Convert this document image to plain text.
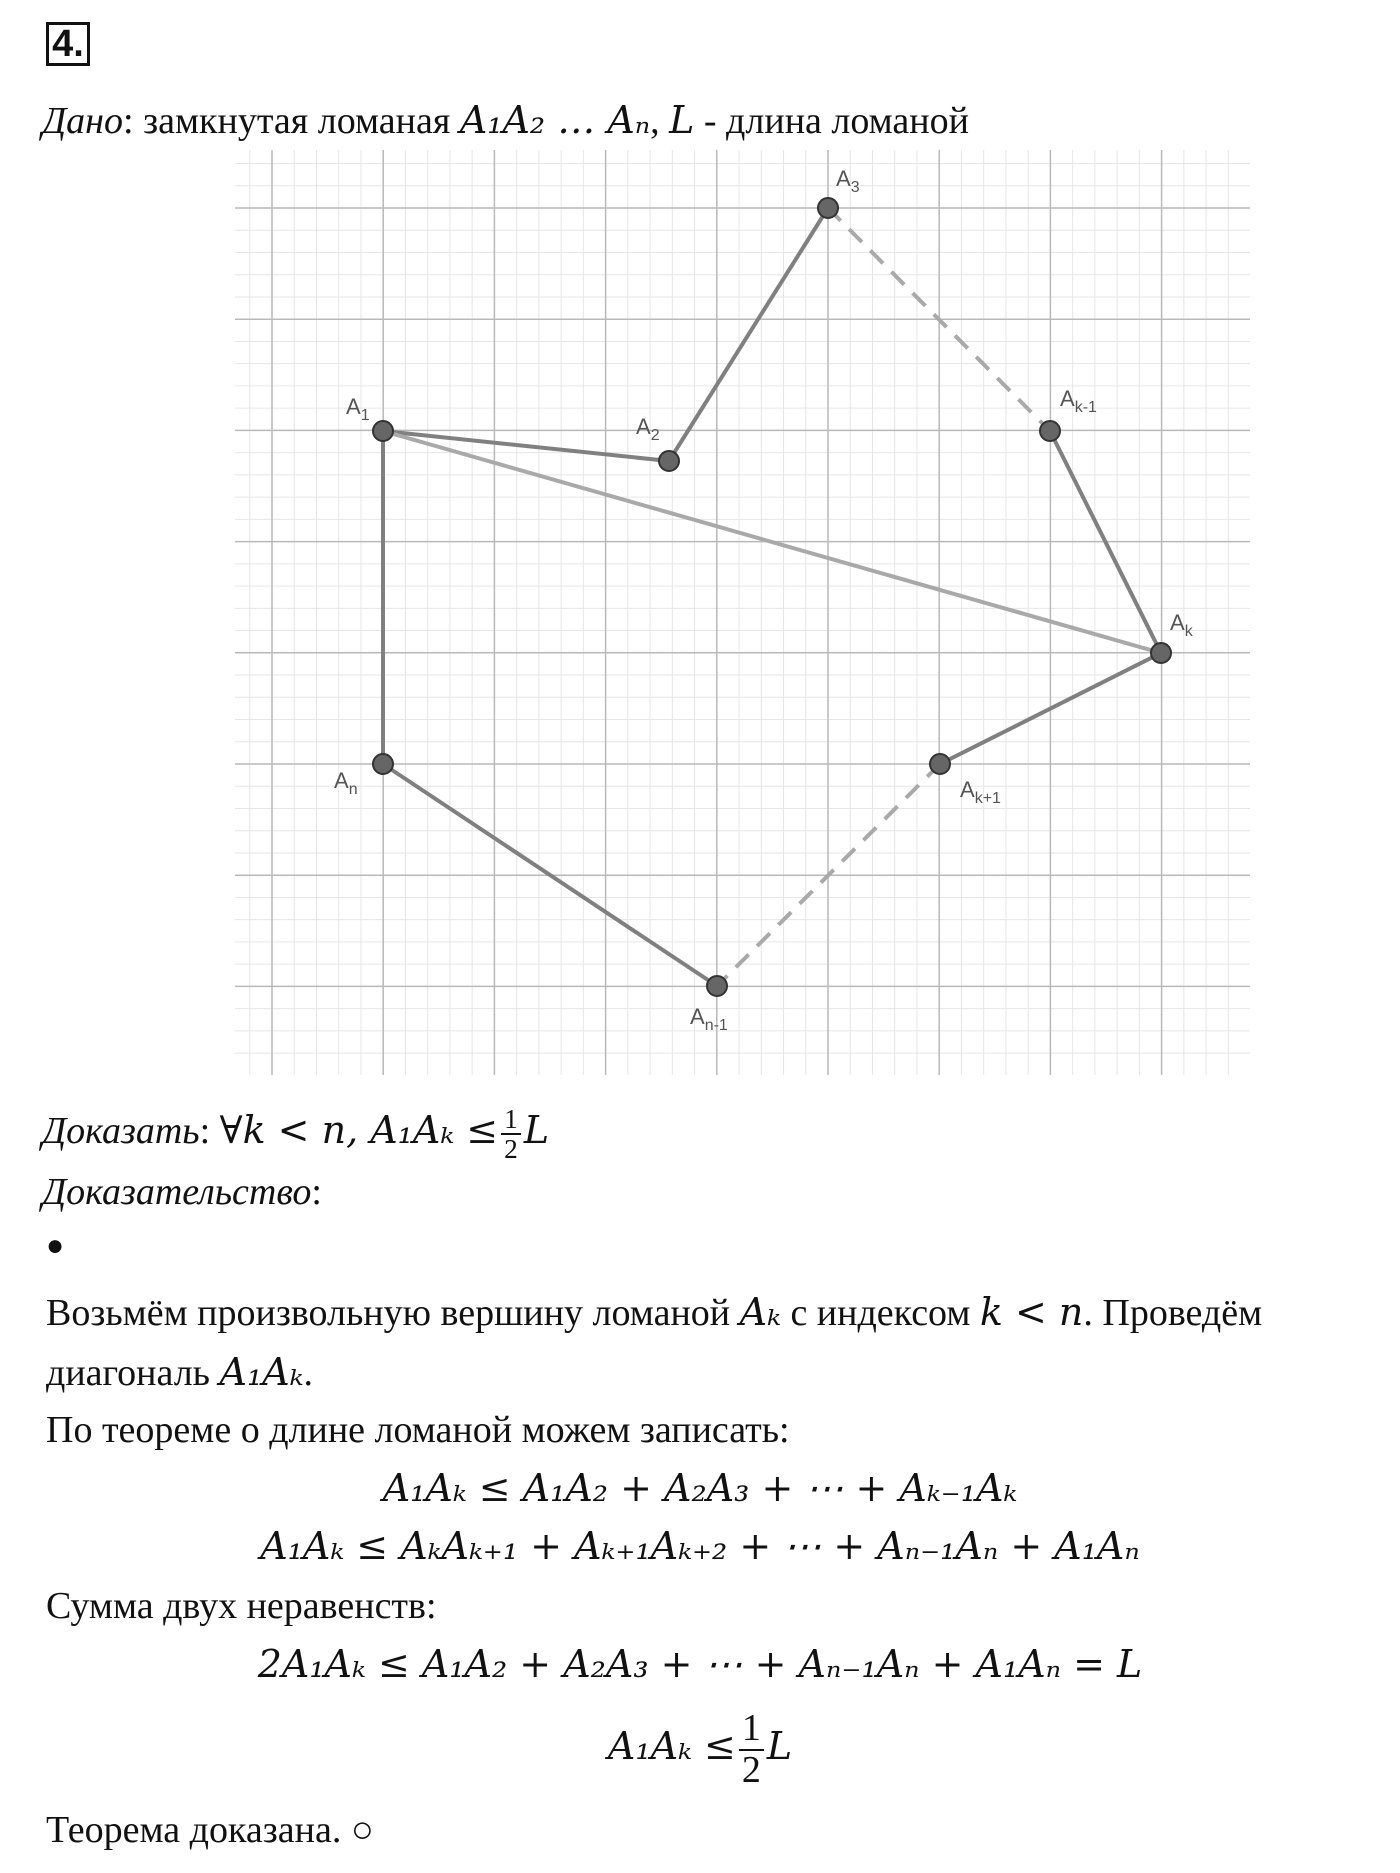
4.
Дано: замкнутая ломаная A₁A₂ … Aₙ, L - длина ломаной
$A_1$	$A_2$
$A_3$
$A_{k-1}$
$A_k$
$A_{k+1}$
$A_n$
$A_{n-1}$
Доказать: ∀k < n, $A_1A_k \le \frac{1}{2}$ L
Доказательство:
●
Возьмём произвольную вершину ломаной Aₖ с индексом k < n. Проведём
диагональ A₁Aₖ.
По теореме о длине ломаной можем записать:
A₁Aₖ ≤ A₁A₂ + A₂A₃ + ⋯ + Aₖ₋₁Aₖ
A₁Aₖ ≤ AₖAₖ₊₁ + Aₖ₊₁Aₖ₊₂ + ⋯ + Aₙ₋₁Aₙ + A₁Aₙ
Сумма двух неравенств:
2A₁Aₖ ≤ A₁A₂ + A₂A₃ + ⋯ + Aₙ₋₁Aₙ + A₁Aₙ = L
$A_1A_k \le \frac{1}{2}$ L
Теорема доказана. ○
